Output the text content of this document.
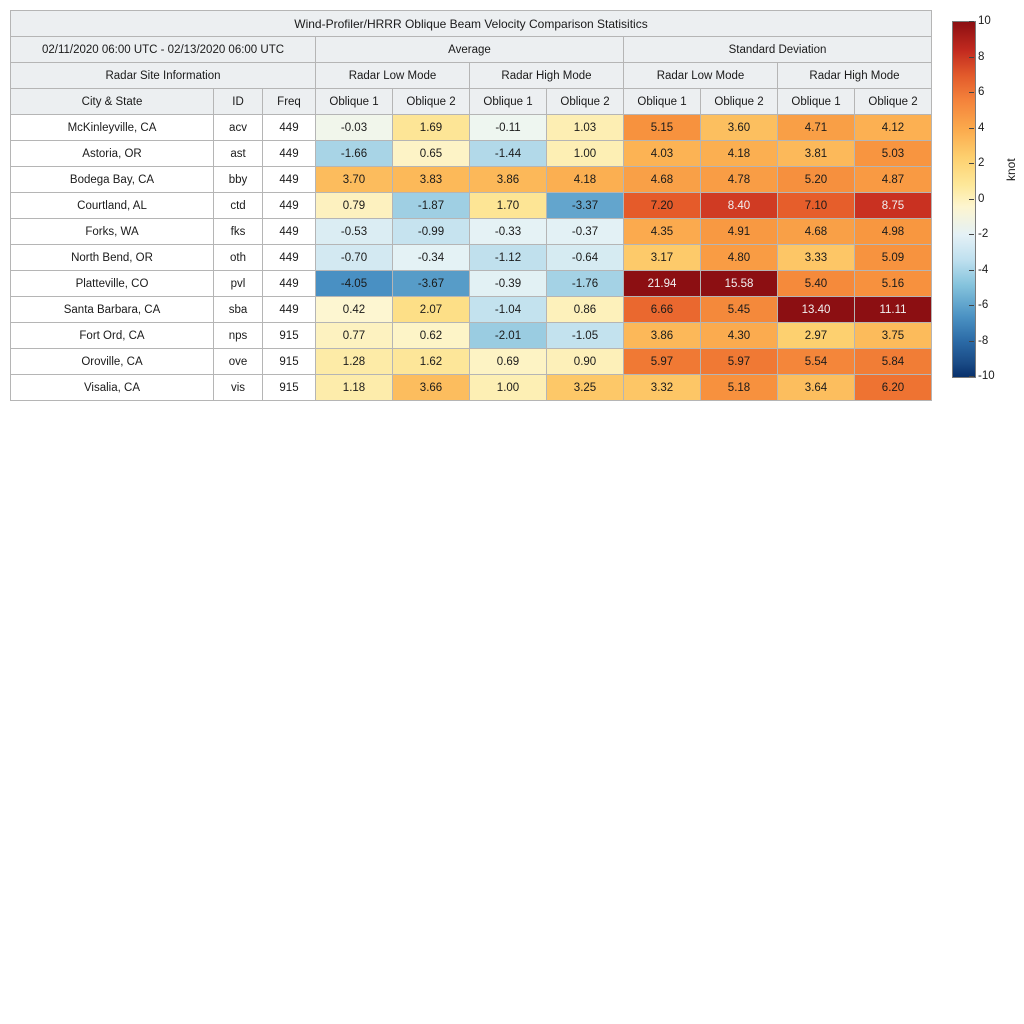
Wind-Profiler/HRRR Oblique Beam Velocity Comparison Statisitics										
02/11/2020 06:00 UTC - 02/13/2020 06:00 UTC			Average				Standard Deviation			
Radar Site Information			Radar Low Mode		Radar High Mode		Radar Low Mode		Radar High Mode	
City & State	ID	Freq	Oblique 1	Oblique 2	Oblique 1	Oblique 2	Oblique 1	Oblique 2	Oblique 1	Oblique 2
McKinleyville, CA	acv	449	-0.03	1.69	-0.11	1.03	5.15	3.60	4.71	4.12
Astoria, OR	ast	449	-1.66	0.65	-1.44	1.00	4.03	4.18	3.81	5.03
Bodega Bay, CA	bby	449	3.70	3.83	3.86	4.18	4.68	4.78	5.20	4.87
Courtland, AL	ctd	449	0.79	-1.87	1.70	-3.37	7.20	8.40	7.10	8.75
Forks, WA	fks	449	-0.53	-0.99	-0.33	-0.37	4.35	4.91	4.68	4.98
North Bend, OR	oth	449	-0.70	-0.34	-1.12	-0.64	3.17	4.80	3.33	5.09
Platteville, CO	pvl	449	-4.05	-3.67	-0.39	-1.76	21.94	15.58	5.40	5.16
Santa Barbara, CA	sba	449	0.42	2.07	-1.04	0.86	6.66	5.45	13.40	11.11
Fort Ord, CA	nps	915	0.77	0.62	-2.01	-1.05	3.86	4.30	2.97	3.75
Oroville, CA	ove	915	1.28	1.62	0.69	0.90	5.97	5.97	5.54	5.84
Visalia, CA	vis	915	1.18	3.66	1.00	3.25	3.32	5.18	3.64	6.20
10
8
6
4
2
0
-2
-4
-6
-8
-10
knot
